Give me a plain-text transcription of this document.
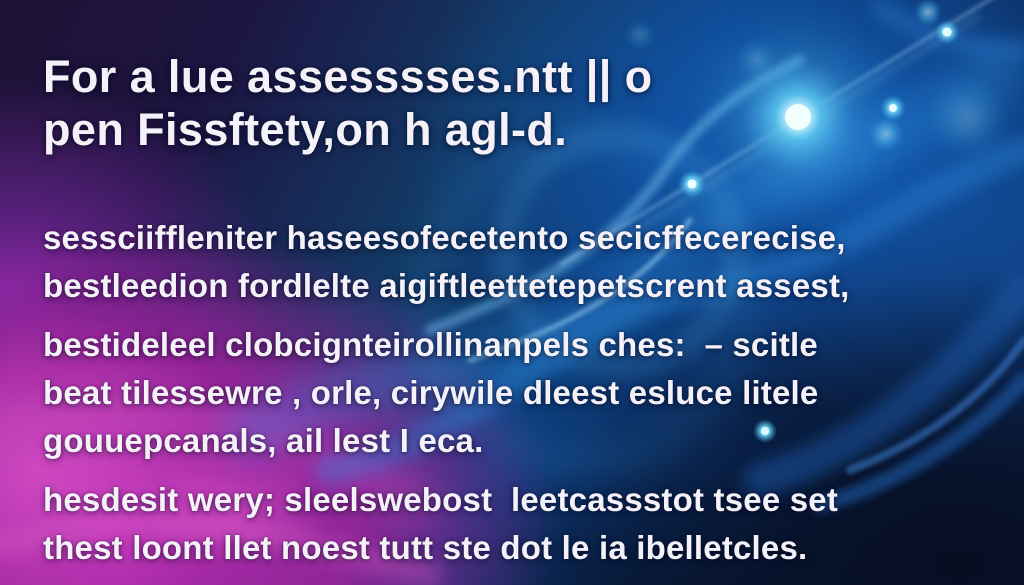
For a lue assesssses.ntt || o
pen Fissftety,on h agl-d.
sessciiffleniter haseesofecetento secicffecerecise,
bestleedion fordlelte aigiftleettetepetscrent assest,
bestideleel clobcignteirollinanpels ches:  – scitle
beat tilessewre , orle, cirywile dleest esluce litele
gouuepcanals, ail lest I eca.
hesdesit wery; sleelswebost  leetcassstot tsee set
thest loont llet noest tutt ste dot le ia ibelletcles.
